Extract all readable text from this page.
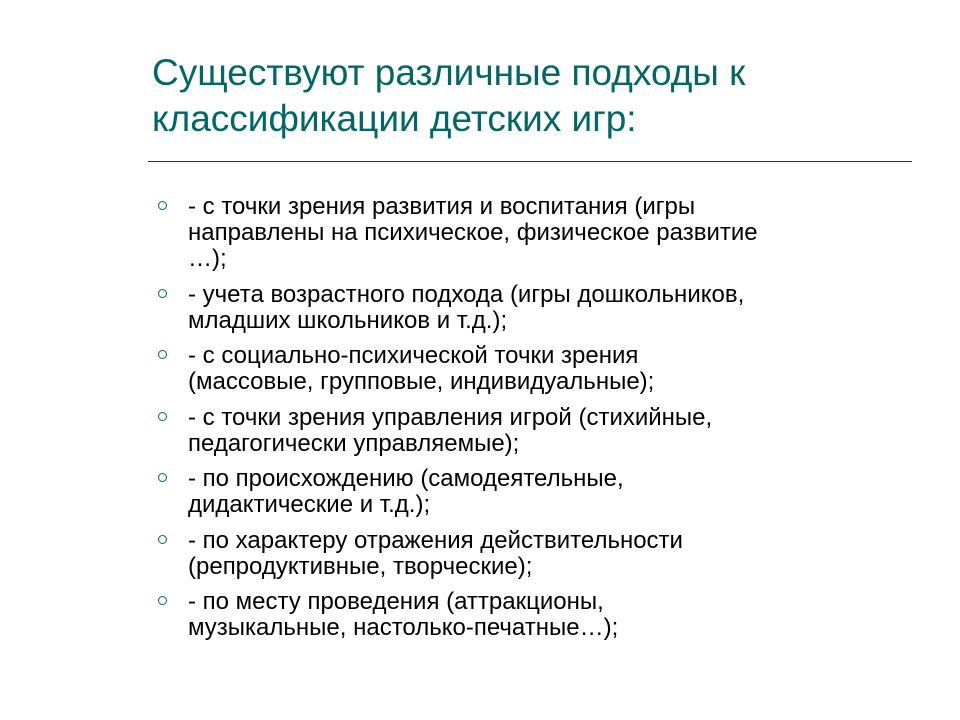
Существуют различные подходы к
классификации детских игр:
- с точки зрения развития и воспитания (игры
направлены на психическое, физическое развитие
…);
- учета возрастного подхода (игры дошкольников,
младших школьников и т.д.);
- с социально-психической точки зрения
(массовые, групповые, индивидуальные);
- с точки зрения управления игрой (стихийные,
педагогически управляемые);
- по происхождению (самодеятельные,
дидактические и т.д.);
- по характеру отражения действительности
(репродуктивные, творческие);
- по месту проведения (аттракционы,
музыкальные, настолько-печатные…);
